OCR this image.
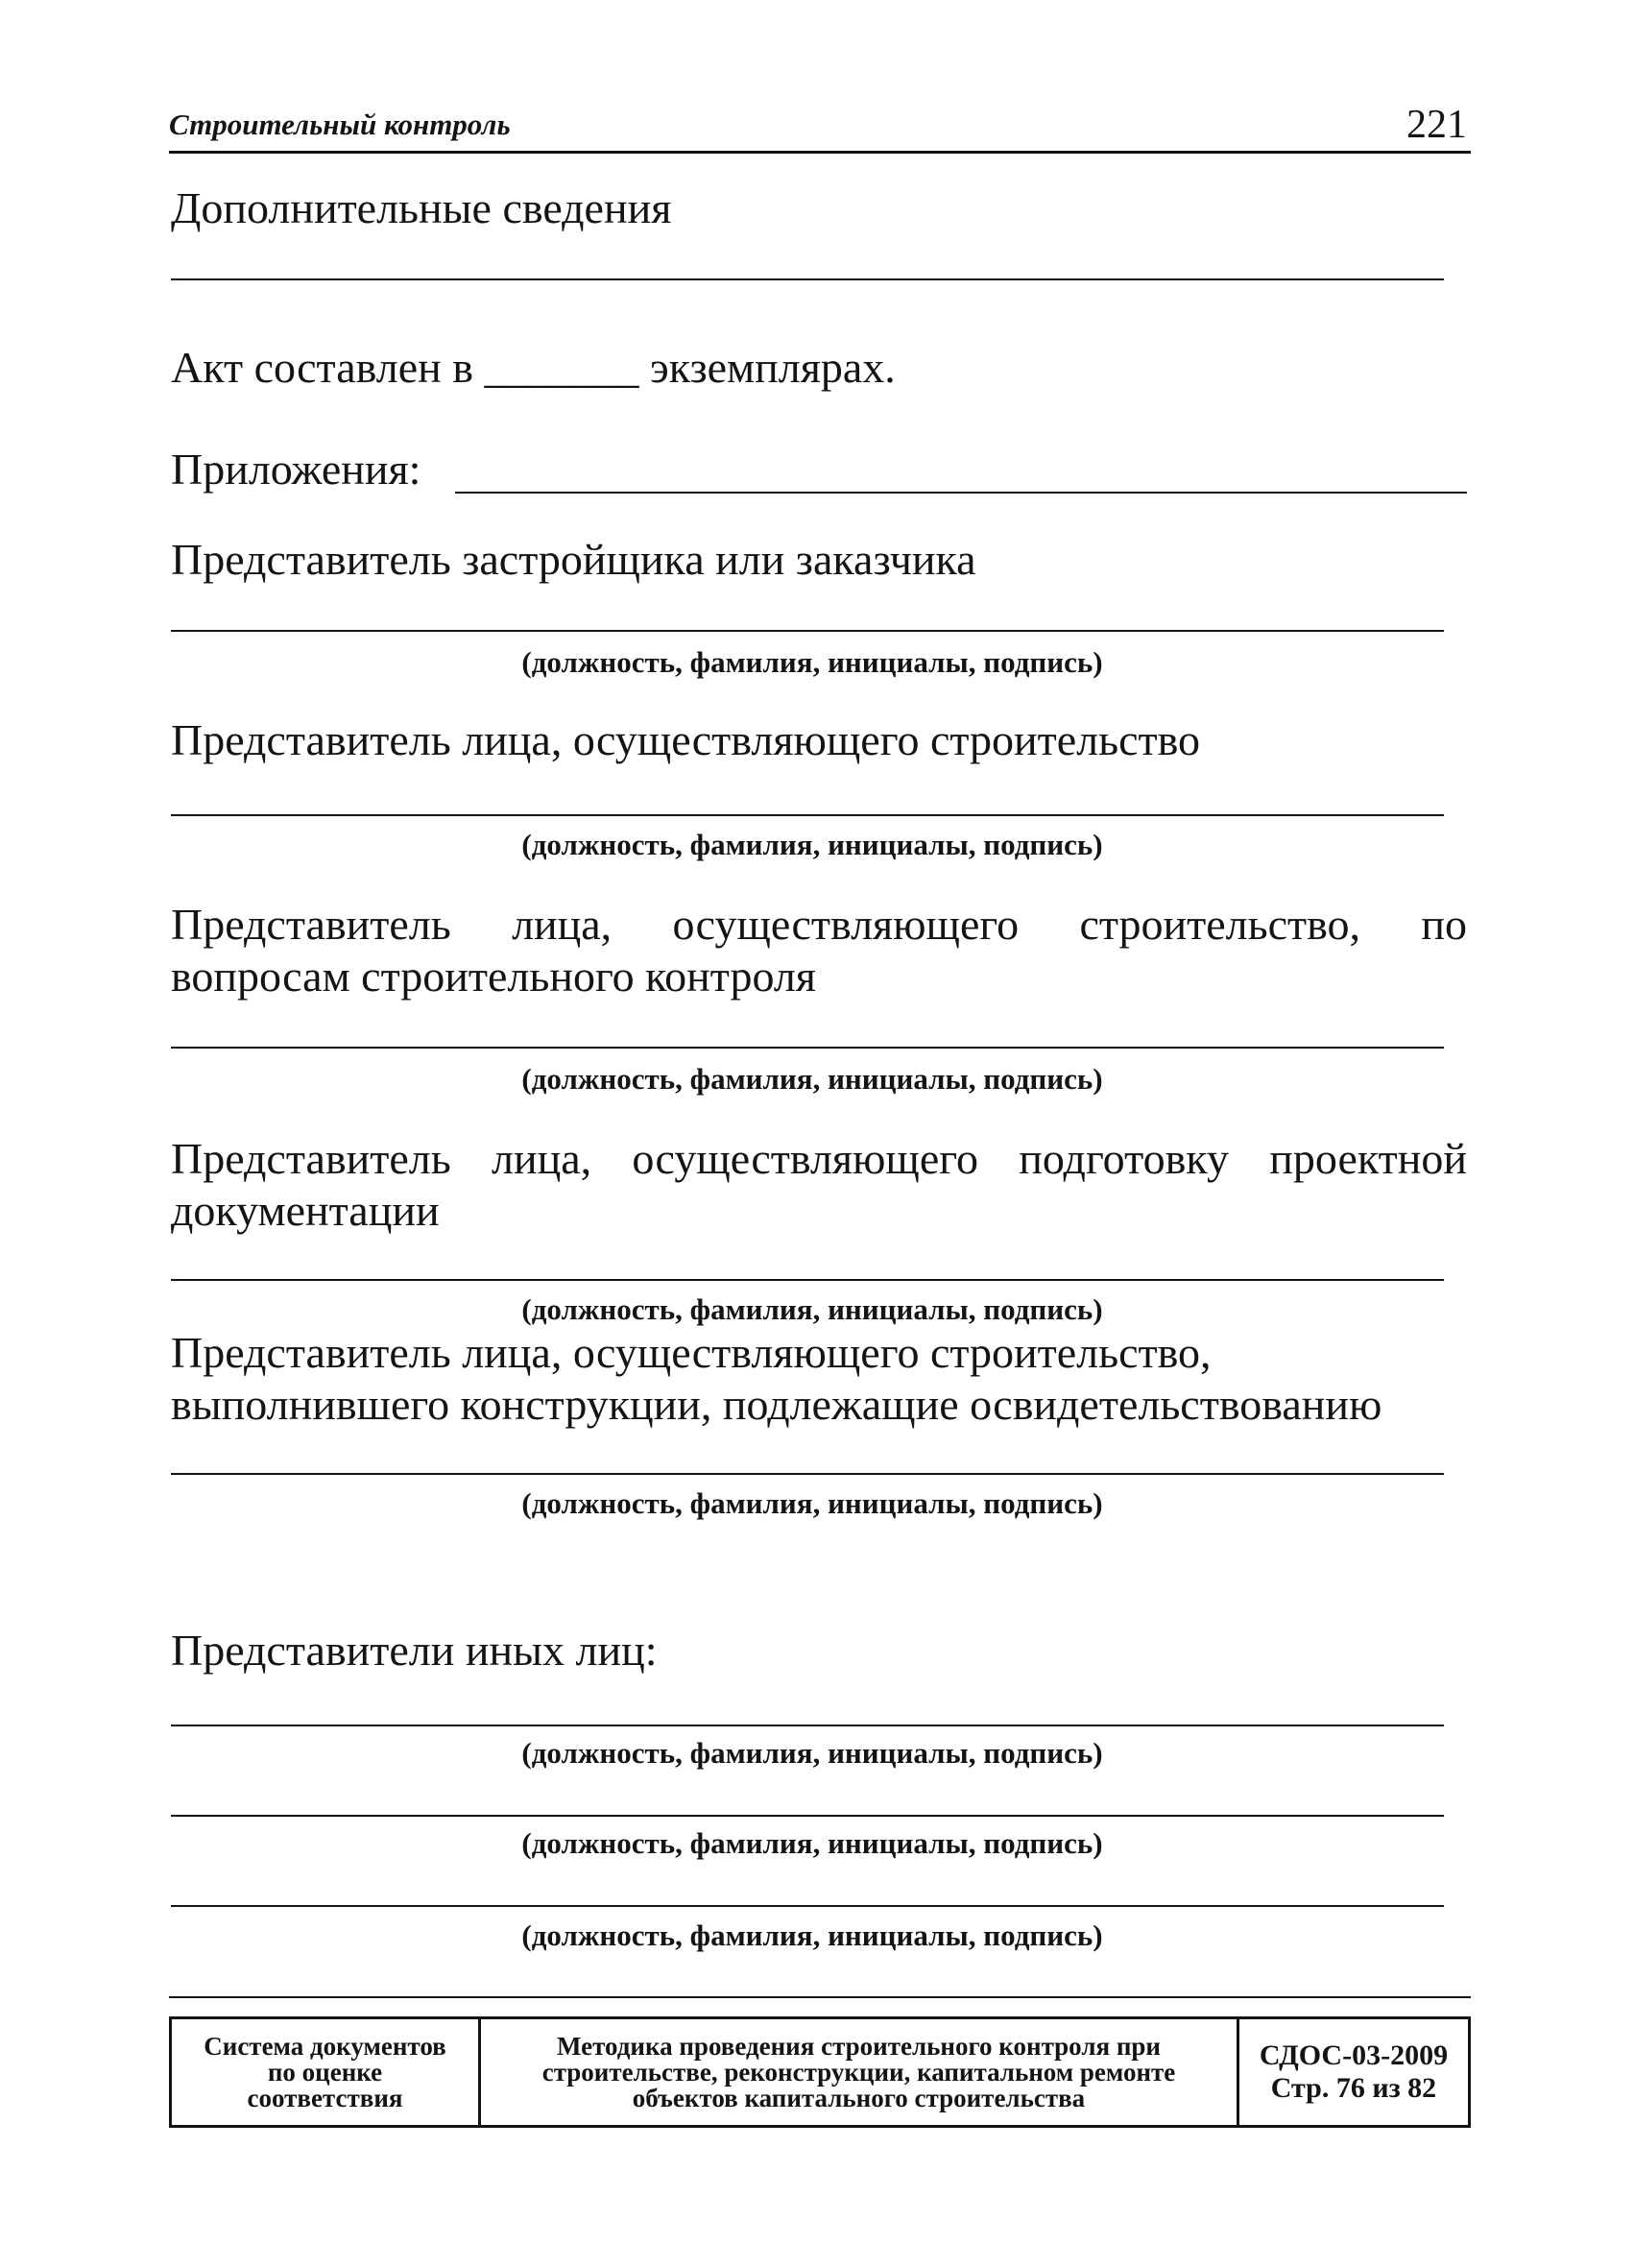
Строительный контроль	221
Дополнительные сведения
Акт составлен в _______ экземплярах.
Приложения:
Представитель застройщика или заказчика
(должность, фамилия, инициалы, подпись)
Представитель лица, осуществляющего строительство
(должность, фамилия, инициалы, подпись)
Представитель лица, осуществляющего строительство, по
вопросам строительного контроля
(должность, фамилия, инициалы, подпись)
Представитель лица, осуществляющего подготовку проектной
документации
(должность, фамилия, инициалы, подпись)
Представитель лица, осуществляющего строительство,
выполнившего конструкции, подлежащие освидетельствованию
(должность, фамилия, инициалы, подпись)
Представители иных лиц:
(должность, фамилия, инициалы, подпись)
(должность, фамилия, инициалы, подпись)
(должность, фамилия, инициалы, подпись)
Система документов
по оценке
соответствия
Методика проведения строительного контроля при
строительстве, реконструкции, капитальном ремонте
объектов капитального строительства
СДОС-03-2009
Стр. 76 из 82
